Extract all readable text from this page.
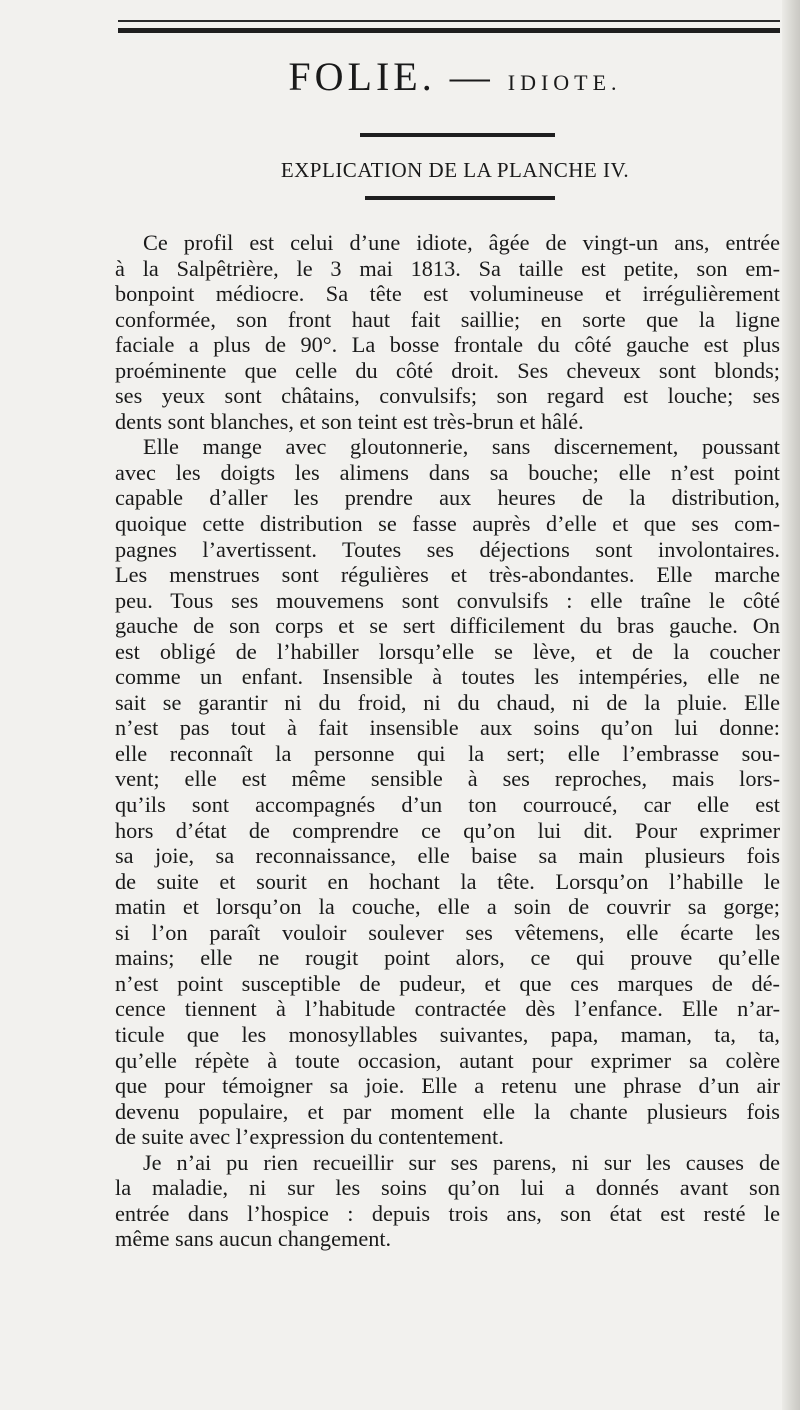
FOLIE. — IDIOTE.
EXPLICATION DE LA PLANCHE IV.
Ce profil est celui d’une idiote, âgée de vingt-un ans, entrée
à la Salpêtrière, le 3 mai 1813. Sa taille est petite, son em-
bonpoint médiocre. Sa tête est volumineuse et irrégulièrement
conformée, son front haut fait saillie; en sorte que la ligne
faciale a plus de 90°. La bosse frontale du côté gauche est plus
proéminente que celle du côté droit. Ses cheveux sont blonds;
ses yeux sont châtains, convulsifs; son regard est louche; ses
dents sont blanches, et son teint est très-brun et hâlé.
Elle mange avec gloutonnerie, sans discernement, poussant
avec les doigts les alimens dans sa bouche; elle n’est point
capable d’aller les prendre aux heures de la distribution,
quoique cette distribution se fasse auprès d’elle et que ses com-
pagnes l’avertissent. Toutes ses déjections sont involontaires.
Les menstrues sont régulières et très-abondantes. Elle marche
peu. Tous ses mouvemens sont convulsifs : elle traîne le côté
gauche de son corps et se sert difficilement du bras gauche. On
est obligé de l’habiller lorsqu’elle se lève, et de la coucher
comme un enfant. Insensible à toutes les intempéries, elle ne
sait se garantir ni du froid, ni du chaud, ni de la pluie. Elle
n’est pas tout à fait insensible aux soins qu’on lui donne:
elle reconnaît la personne qui la sert; elle l’embrasse sou-
vent; elle est même sensible à ses reproches, mais lors-
qu’ils sont accompagnés d’un ton courroucé, car elle est
hors d’état de comprendre ce qu’on lui dit. Pour exprimer
sa joie, sa reconnaissance, elle baise sa main plusieurs fois
de suite et sourit en hochant la tête. Lorsqu’on l’habille le
matin et lorsqu’on la couche, elle a soin de couvrir sa gorge;
si l’on paraît vouloir soulever ses vêtemens, elle écarte les
mains; elle ne rougit point alors, ce qui prouve qu’elle
n’est point susceptible de pudeur, et que ces marques de dé-
cence tiennent à l’habitude contractée dès l’enfance. Elle n’ar-
ticule que les monosyllables suivantes, papa, maman, ta, ta,
qu’elle répète à toute occasion, autant pour exprimer sa colère
que pour témoigner sa joie. Elle a retenu une phrase d’un air
devenu populaire, et par moment elle la chante plusieurs fois
de suite avec l’expression du contentement.
Je n’ai pu rien recueillir sur ses parens, ni sur les causes de
la maladie, ni sur les soins qu’on lui a donnés avant son
entrée dans l’hospice : depuis trois ans, son état est resté le
même sans aucun changement.
